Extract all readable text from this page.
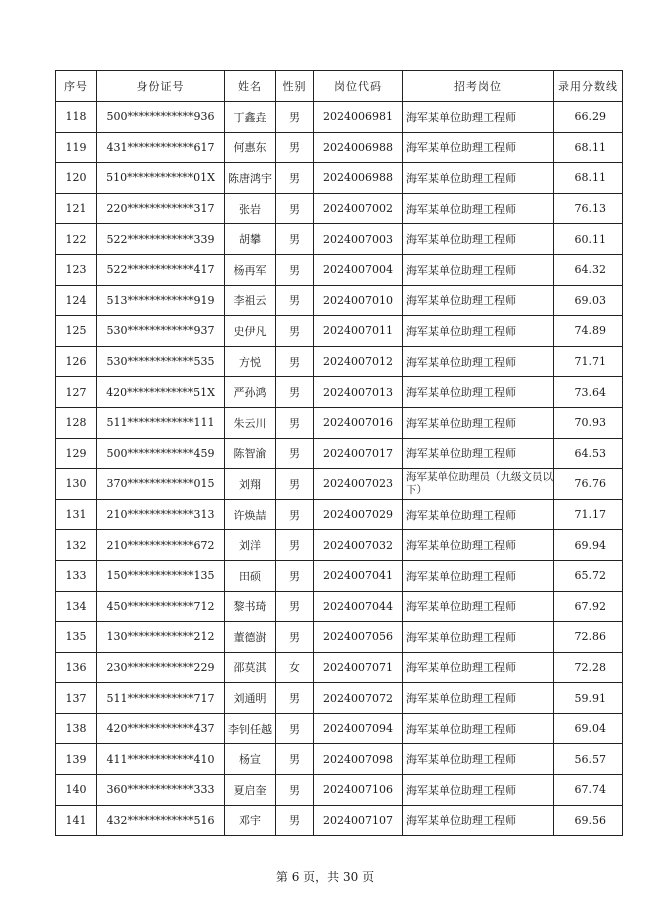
序号	身份证号	姓名	性别	岗位代码	招考岗位	录用分数线
118	500************936	丁鑫垚	男	2024006981	海军某单位助理工程师	66.29
119	431************617	何惠东	男	2024006988	海军某单位助理工程师	68.11
120	510************01X	陈唐鸿宇	男	2024006988	海军某单位助理工程师	68.11
121	220************317	张岩	男	2024007002	海军某单位助理工程师	76.13
122	522************339	胡攀	男	2024007003	海军某单位助理工程师	60.11
123	522************417	杨再军	男	2024007004	海军某单位助理工程师	64.32
124	513************919	李祖云	男	2024007010	海军某单位助理工程师	69.03
125	530************937	史伊凡	男	2024007011	海军某单位助理工程师	74.89
126	530************535	方悦	男	2024007012	海军某单位助理工程师	71.71
127	420************51X	严孙鸿	男	2024007013	海军某单位助理工程师	73.64
128	511************111	朱云川	男	2024007016	海军某单位助理工程师	70.93
129	500************459	陈智渝	男	2024007017	海军某单位助理工程师	64.53
130	370************015	刘翔	男	2024007023	海军某单位助理员（九级文员以下）	76.76
131	210************313	许焕喆	男	2024007029	海军某单位助理工程师	71.17
132	210************672	刘洋	男	2024007032	海军某单位助理工程师	69.94
133	150************135	田硕	男	2024007041	海军某单位助理工程师	65.72
134	450************712	黎书琦	男	2024007044	海军某单位助理工程师	67.92
135	130************212	董德澍	男	2024007056	海军某单位助理工程师	72.86
136	230************229	邵莫淇	女	2024007071	海军某单位助理工程师	72.28
137	511************717	刘通明	男	2024007072	海军某单位助理工程师	59.91
138	420************437	李钊任越	男	2024007094	海军某单位助理工程师	69.04
139	411************410	杨宣	男	2024007098	海军某单位助理工程师	56.57
140	360************333	夏启奎	男	2024007106	海军某单位助理工程师	67.74
141	432************516	邓宇	男	2024007107	海军某单位助理工程师	69.56
第 6 页，共 30 页
